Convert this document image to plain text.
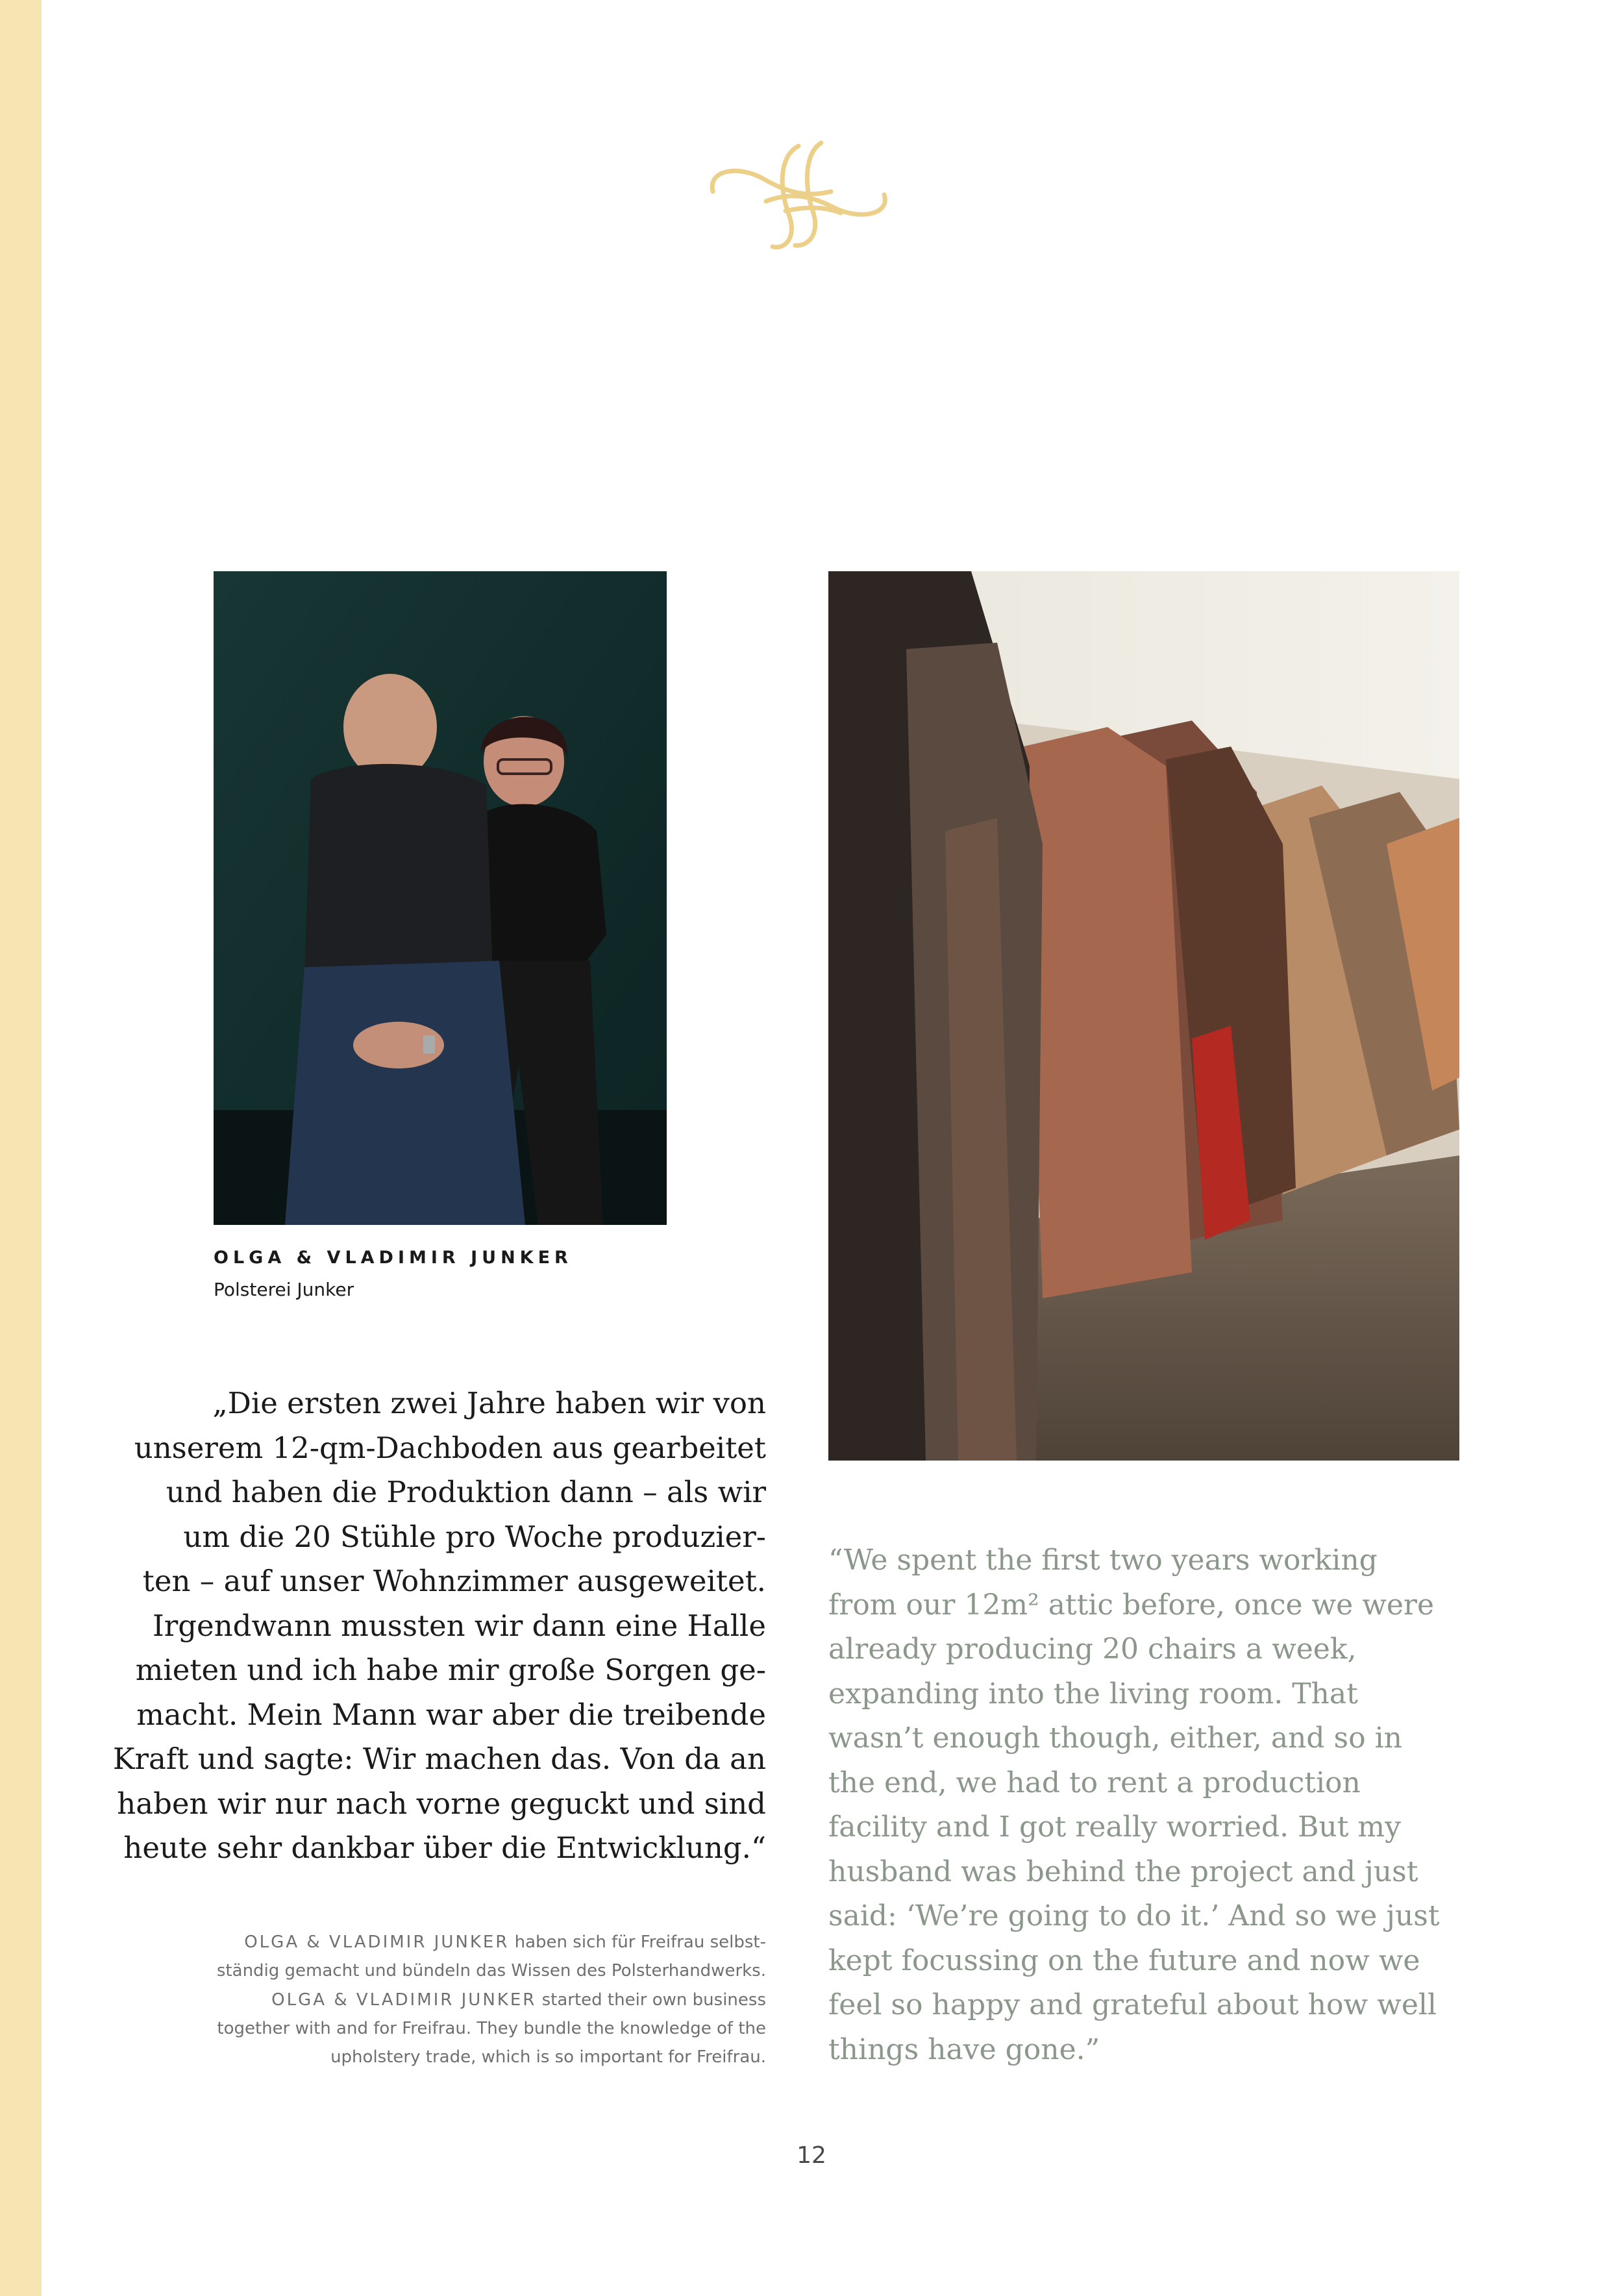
OLGA & VLADIMIR JUNKER
Polsterei Junker

„Die ersten zwei Jahre haben wir von
unserem 12-qm-Dachboden aus gearbeitet
und haben die Produktion dann – als wir
um die 20 Stühle pro Woche produzier-
ten – auf unser Wohnzimmer ausgeweitet.
Irgendwann mussten wir dann eine Halle
mieten und ich habe mir große Sorgen ge-
macht. Mein Mann war aber die treibende
Kraft und sagte: Wir machen das. Von da an
haben wir nur nach vorne geguckt und sind
heute sehr dankbar über die Entwicklung.“

OLGA & VLADIMIR JUNKER haben sich für Freifrau selbst-
ständig gemacht und bündeln das Wissen des Polsterhandwerks.
OLGA & VLADIMIR JUNKER started their own business
together with and for Freifrau. They bundle the knowledge of the
upholstery trade, which is so important for Freifrau.

“We spent the first two years working
from our 12m² attic before, once we were
already producing 20 chairs a week,
expanding into the living room. That
wasn’t enough though, either, and so in
the end, we had to rent a production
facility and I got really worried. But my
husband was behind the project and just
said: ‘We’re going to do it.’ And so we just
kept focussing on the future and now we
feel so happy and grateful about how well
things have gone.”

12
